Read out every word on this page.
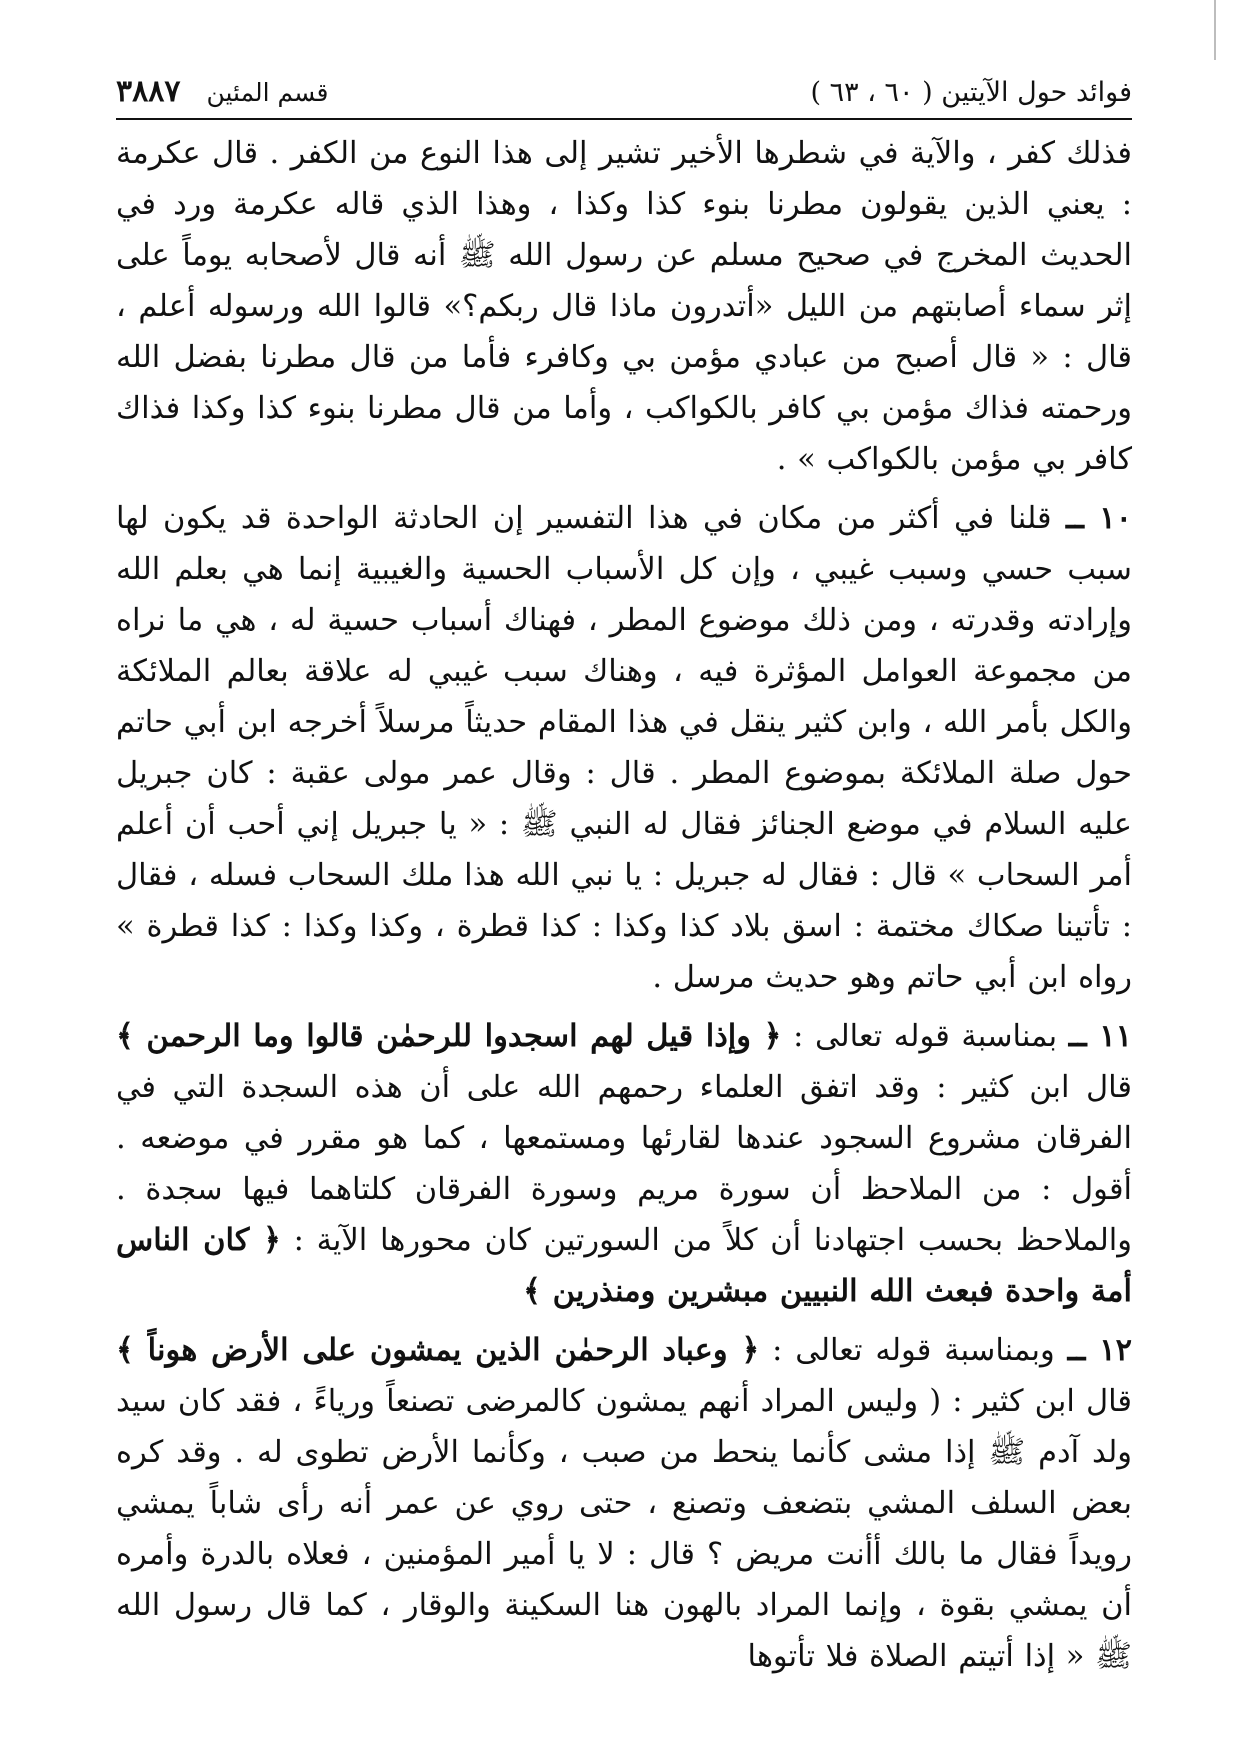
فوائد حول الآيتين ( ٦٠ ، ٦٣ )
قسم المئين
٣٨٨٧

فذلك كفر ، والآية في شطرها الأخير تشير إلى هذا النوع من الكفر . قال عكرمة : يعني الذين يقولون مطرنا بنوء كذا وكذا ، وهذا الذي قاله عكرمة ورد في الحديث المخرج في صحيح مسلم عن رسول الله ﷺ أنه قال لأصحابه يوماً على إثر سماء أصابتهم من الليل «أتدرون ماذا قال ربكم؟» قالوا الله ورسوله أعلم ، قال : « قال أصبح من عبادي مؤمن بي وكافرء فأما من قال مطرنا بفضل الله ورحمته فذاك مؤمن بي كافر بالكواكب ، وأما من قال مطرنا بنوء كذا وكذا فذاك كافر بي مؤمن بالكواكب » .

١٠ ــ قلنا في أكثر من مكان في هذا التفسير إن الحادثة الواحدة قد يكون لها سبب حسي وسبب غيبي ، وإن كل الأسباب الحسية والغيبية إنما هي بعلم الله وإرادته وقدرته ، ومن ذلك موضوع المطر ، فهناك أسباب حسية له ، هي ما نراه من مجموعة العوامل المؤثرة فيه ، وهناك سبب غيبي له علاقة بعالم الملائكة والكل بأمر الله ، وابن كثير ينقل في هذا المقام حديثاً مرسلاً أخرجه ابن أبي حاتم حول صلة الملائكة بموضوع المطر . قال : وقال عمر مولى عقبة : كان جبريل عليه السلام في موضع الجنائز فقال له النبي ﷺ : « يا جبريل إني أحب أن أعلم أمر السحاب » قال : فقال له جبريل : يا نبي الله هذا ملك السحاب فسله ، فقال : تأتينا صكاك مختمة : اسق بلاد كذا وكذا : كذا قطرة ، وكذا وكذا : كذا قطرة » رواه ابن أبي حاتم وهو حديث مرسل .

١١ ــ بمناسبة قوله تعالى : ﴿ وإذا قيل لهم اسجدوا للرحمٰن قالوا وما الرحمن ﴾ قال ابن كثير : وقد اتفق العلماء رحمهم الله على أن هذه السجدة التي في الفرقان مشروع السجود عندها لقارئها ومستمعها ، كما هو مقرر في موضعه . أقول : من الملاحظ أن سورة مريم وسورة الفرقان كلتاهما فيها سجدة . والملاحظ بحسب اجتهادنا أن كلاً من السورتين كان محورها الآية : ﴿ كان الناس أمة واحدة فبعث الله النبيين مبشرين ومنذرين ﴾

١٢ ــ وبمناسبة قوله تعالى : ﴿ وعباد الرحمٰن الذين يمشون على الأرض هوناً ﴾ قال ابن كثير : ( وليس المراد أنهم يمشون كالمرضى تصنعاً ورياءً ، فقد كان سيد ولد آدم ﷺ إذا مشى كأنما ينحط من صبب ، وكأنما الأرض تطوى له . وقد كره بعض السلف المشي بتضعف وتصنع ، حتى روي عن عمر أنه رأى شاباً يمشي رويداً فقال ما بالك أأنت مريض ؟ قال : لا يا أمير المؤمنين ، فعلاه بالدرة وأمره أن يمشي بقوة ، وإنما المراد بالهون هنا السكينة والوقار ، كما قال رسول الله ﷺ « إذا أتيتم الصلاة فلا تأتوها
